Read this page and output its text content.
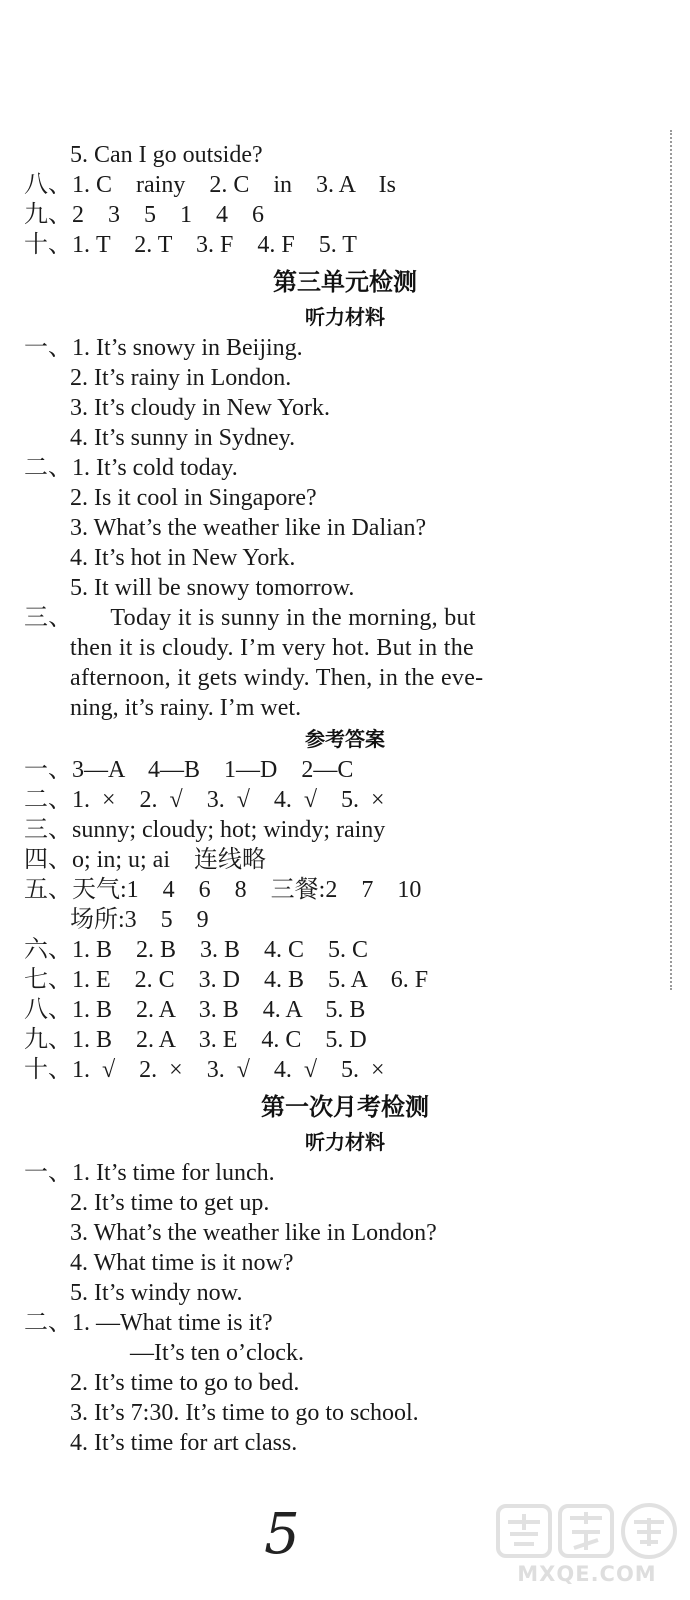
5. Can I go outside?
八、1. C    rainy    2. C    in    3. A    Is
九、2    3    5    1    4    6
十、1. T    2. T    3. F    4. F    5. T
第三单元检测
听力材料
一、1. It’s snowy in Beijing.
2. It’s rainy in London.
3. It’s cloudy in New York.
4. It’s sunny in Sydney.
二、1. It’s cold today.
2. Is it cool in Singapore?
3. What’s the weather like in Dalian?
4. It’s hot in New York.
5. It will be snowy tomorrow.
三、      Today it is sunny in the morning, but
then it is cloudy. I’m very hot. But in the
afternoon, it gets windy. Then, in the eve-
ning, it’s rainy. I’m wet.
参考答案
一、3—A    4—B    1—D    2—C
二、1.  ×    2.  √    3.  √    4.  √    5.  ×
三、sunny; cloudy; hot; windy; rainy
四、o; in; u; ai    连线略
五、天气:1    4    6    8    三餐:2    7    10
场所:3    5    9
六、1. B    2. B    3. B    4. C    5. C
七、1. E    2. C    3. D    4. B    5. A    6. F
八、1. B    2. A    3. B    4. A    5. B
九、1. B    2. A    3. E    4. C    5. D
十、1.  √    2.  ×    3.  √    4.  √    5.  ×
第一次月考检测
听力材料
一、1. It’s time for lunch.
2. It’s time to get up.
3. What’s the weather like in London?
4. What time is it now?
5. It’s windy now.
二、1. —What time is it?
—It’s ten o’clock.
2. It’s time to go to bed.
3. It’s 7:30. It’s time to go to school.
4. It’s time for art class.
5
MXQE.COM
